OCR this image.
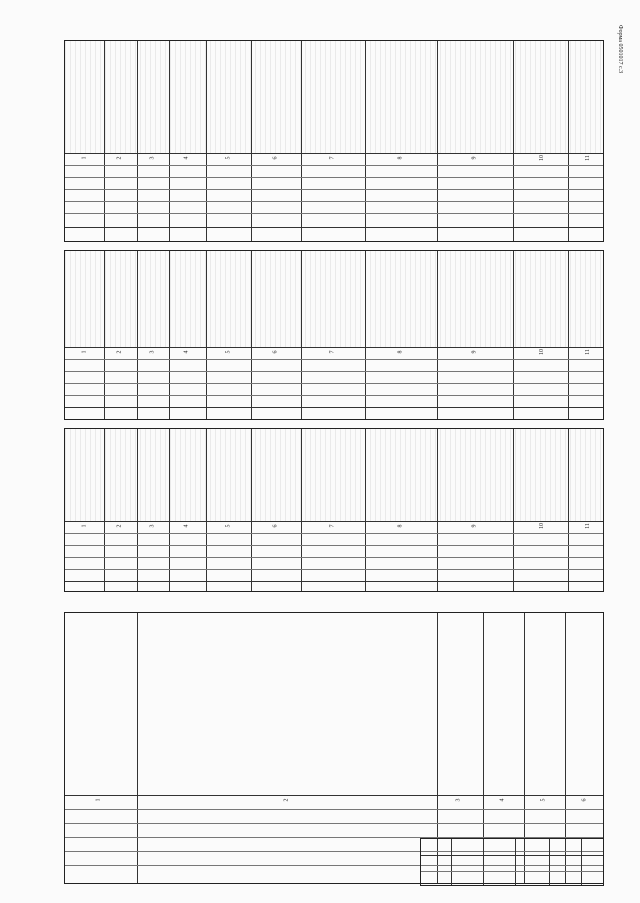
Форма 0501017 с.3
1	2	3	4	5	6	7	8	9	10	11
1	2	3	4	5	6	7	8	9	10	11
1	2	3	4	5	6	7	8	9	10	11
1	2	3	4	5	6
